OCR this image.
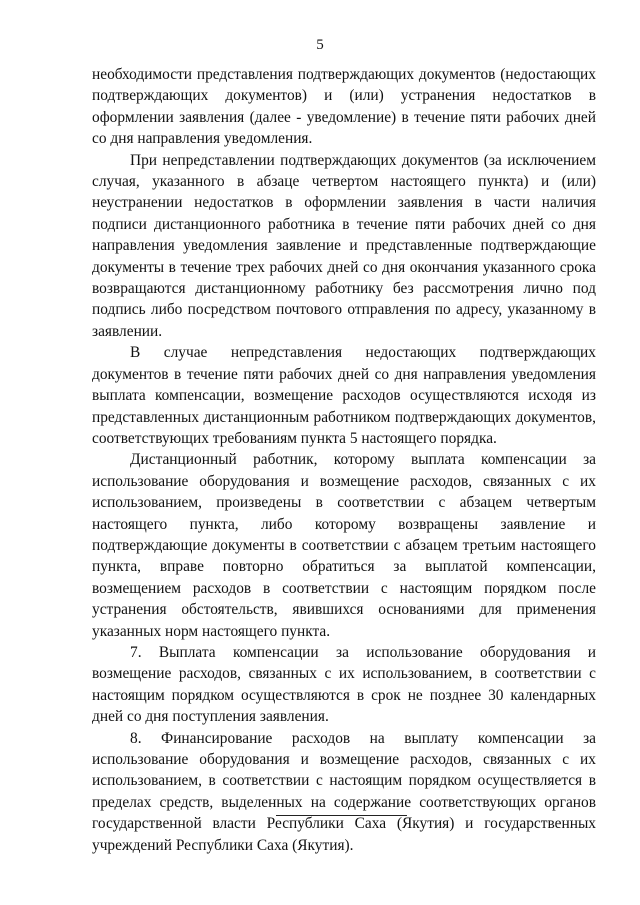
5

необходимости представления подтверждающих документов (недостающих подтверждающих документов) и (или) устранения недостатков в оформлении заявления (далее - уведомление) в течение пяти рабочих дней со дня направления уведомления.

При непредставлении подтверждающих документов (за исключением случая, указанного в абзаце четвертом настоящего пункта) и (или) неустранении недостатков в оформлении заявления в части наличия подписи дистанционного работника в течение пяти рабочих дней со дня направления уведомления заявление и представленные подтверждающие документы в течение трех рабочих дней со дня окончания указанного срока возвращаются дистанционному работнику без рассмотрения лично под подпись либо посредством почтового отправления по адресу, указанному в заявлении.

В случае непредставления недостающих подтверждающих документов в течение пяти рабочих дней со дня направления уведомления выплата компенсации, возмещение расходов осуществляются исходя из представленных дистанционным работником подтверждающих документов, соответствующих требованиям пункта 5 настоящего порядка.

Дистанционный работник, которому выплата компенсации за использование оборудования и возмещение расходов, связанных с их использованием, произведены в соответствии с абзацем четвертым настоящего пункта, либо которому возвращены заявление и подтверждающие документы в соответствии с абзацем третьим настоящего пункта, вправе повторно обратиться за выплатой компенсации, возмещением расходов в соответствии с настоящим порядком после устранения обстоятельств, явившихся основаниями для применения указанных норм настоящего пункта.

7. Выплата компенсации за использование оборудования и возмещение расходов, связанных с их использованием, в соответствии с настоящим порядком осуществляются в срок не позднее 30 календарных дней со дня поступления заявления.

8. Финансирование расходов на выплату компенсации за использование оборудования и возмещение расходов, связанных с их использованием, в соответствии с настоящим порядком осуществляется в пределах средств, выделенных на содержание соответствующих органов государственной власти Республики Саха (Якутия) и государственных учреждений Республики Саха (Якутия).
